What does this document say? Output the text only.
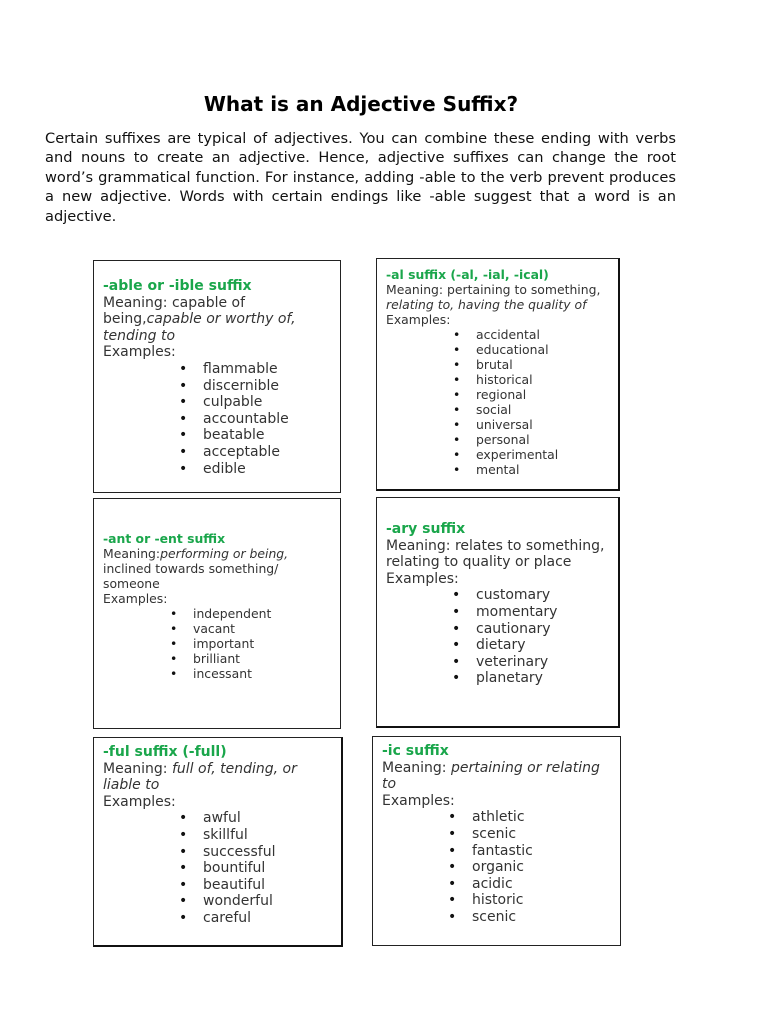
What is an Adjective Suffix?

Certain suffixes are typical of adjectives. You can combine these ending with verbs and nouns to create an adjective. Hence, adjective suffixes can change the root word’s grammatical function. For instance, adding -able to the verb prevent produces a new adjective. Words with certain endings like -able suggest that a word is an adjective.

-able or -ible suffix

Meaning: capable of being,capable or worthy of, tending to

Examples:

• flammable
• discernible
• culpable
• accountable
• beatable
• acceptable
• edible

-al suffix (-al, -ial, -ical)

Meaning: pertaining to something, relating to, having the quality of

Examples:

• accidental
• educational
• brutal
• historical
• regional
• social
• universal
• personal
• experimental
• mental

-ant or -ent suffix

Meaning:performing or being, inclined towards something/ someone

Examples:

• independent
• vacant
• important
• brilliant
• incessant

-ary suffix

Meaning: relates to something, relating to quality or place

Examples:

• customary
• momentary
• cautionary
• dietary
• veterinary
• planetary

-ful suffix (-full)

Meaning: full of, tending, or liable to

Examples:

• awful
• skillful
• successful
• bountiful
• beautiful
• wonderful
• careful

-ic suffix

Meaning: pertaining or relating to

Examples:

• athletic
• scenic
• fantastic
• organic
• acidic
• historic
• scenic
